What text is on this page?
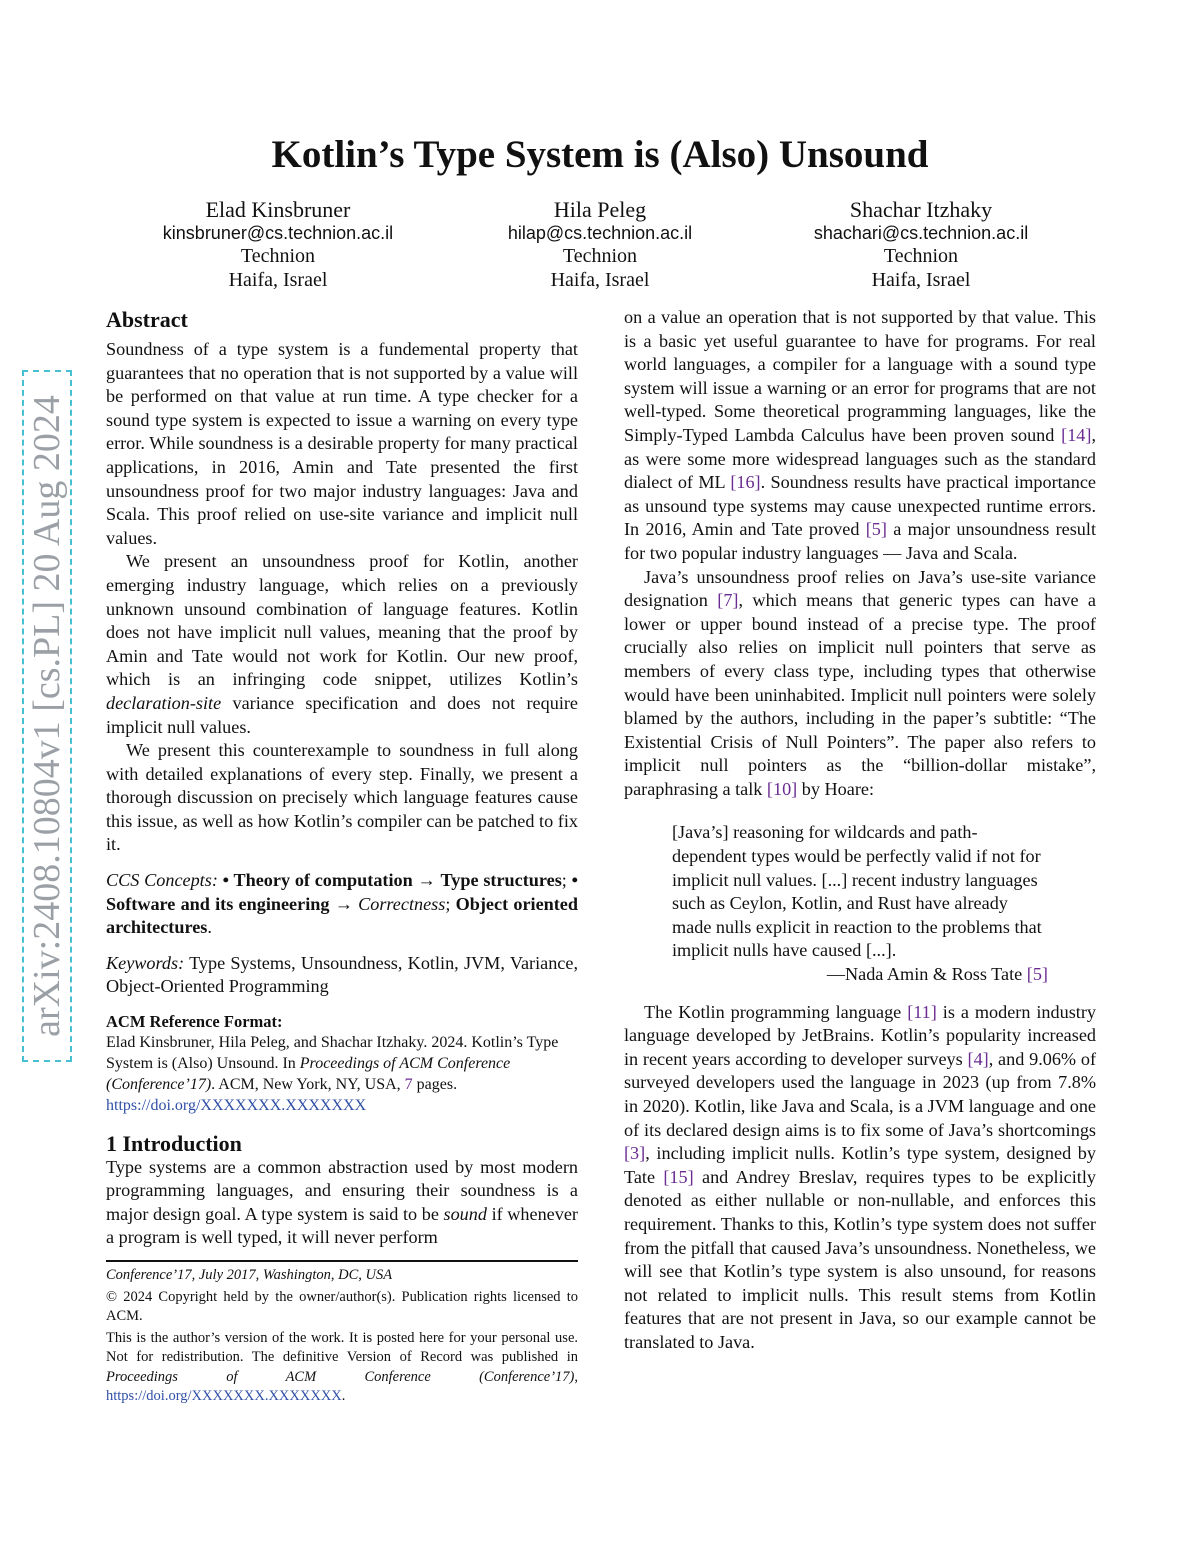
Kotlin’s Type System is (Also) Unsound
Elad Kinsbruner
kinsbruner@cs.technion.ac.il
Technion
Haifa, Israel
Hila Peleg
hilap@cs.technion.ac.il
Technion
Haifa, Israel
Shachar Itzhaky
shachari@cs.technion.ac.il
Technion
Haifa, Israel
arXiv:2408.10804v1 [cs.PL] 20 Aug 2024
Abstract

Soundness of a type system is a fundemental property that guarantees that no operation that is not supported by a value will be performed on that value at run time. A type checker for a sound type system is expected to issue a warning on every type error. While soundness is a desirable property for many practical applications, in 2016, Amin and Tate presented the first unsoundness proof for two major industry languages: Java and Scala. This proof relied on use-site variance and implicit null values.

We present an unsoundness proof for Kotlin, another emerging industry language, which relies on a previously unknown unsound combination of language features. Kotlin does not have implicit null values, meaning that the proof by Amin and Tate would not work for Kotlin. Our new proof, which is an infringing code snippet, utilizes Kotlin’s declaration-site variance specification and does not require implicit null values.

We present this counterexample to soundness in full along with detailed explanations of every step. Finally, we present a thorough discussion on precisely which language features cause this issue, as well as how Kotlin’s compiler can be patched to fix it.

CCS Concepts: • Theory of computation → Type structures; • Software and its engineering → Correctness; Object oriented architectures.

Keywords: Type Systems, Unsoundness, Kotlin, JVM, Variance, Object-Oriented Programming

ACM Reference Format:

Elad Kinsbruner, Hila Peleg, and Shachar Itzhaky. 2024. Kotlin’s Type System is (Also) Unsound. In Proceedings of ACM Conference (Conference’17). ACM, New York, NY, USA, 7 pages. https://doi.org/XXXXXXX.XXXXXXX

1 Introduction

Type systems are a common abstraction used by most modern programming languages, and ensuring their soundness is a major design goal. A type system is said to be sound if whenever a program is well typed, it will never perform

Conference’17, July 2017, Washington, DC, USA

© 2024 Copyright held by the owner/author(s). Publication rights licensed to ACM.

This is the author’s version of the work. It is posted here for your personal use. Not for redistribution. The definitive Version of Record was published in Proceedings of ACM Conference (Conference’17), https://doi.org/XXXXXXX.XXXXXXX.

on a value an operation that is not supported by that value. This is a basic yet useful guarantee to have for programs. For real world languages, a compiler for a language with a sound type system will issue a warning or an error for programs that are not well-typed. Some theoretical programming languages, like the Simply-Typed Lambda Calculus have been proven sound [14], as were some more widespread languages such as the standard dialect of ML [16]. Soundness results have practical importance as unsound type systems may cause unexpected runtime errors. In 2016, Amin and Tate proved [5] a major unsoundness result for two popular industry languages — Java and Scala.

Java’s unsoundness proof relies on Java’s use-site variance designation [7], which means that generic types can have a lower or upper bound instead of a precise type. The proof crucially also relies on implicit null pointers that serve as members of every class type, including types that otherwise would have been uninhabited. Implicit null pointers were solely blamed by the authors, including in the paper’s subtitle: “The Existential Crisis of Null Pointers”. The paper also refers to implicit null pointers as the “billion-dollar mistake”, paraphrasing a talk [10] by Hoare:

[Java’s] reasoning for wildcards and path-dependent types would be perfectly valid if not for implicit null values. [...] recent industry languages such as Ceylon, Kotlin, and Rust have already made nulls explicit in reaction to the problems that implicit nulls have caused [...].

—Nada Amin & Ross Tate [5]

The Kotlin programming language [11] is a modern industry language developed by JetBrains. Kotlin’s popularity increased in recent years according to developer surveys [4], and 9.06% of surveyed developers used the language in 2023 (up from 7.8% in 2020). Kotlin, like Java and Scala, is a JVM language and one of its declared design aims is to fix some of Java’s shortcomings [3], including implicit nulls. Kotlin’s type system, designed by Tate [15] and Andrey Breslav, requires types to be explicitly denoted as either nullable or non-nullable, and enforces this requirement. Thanks to this, Kotlin’s type system does not suffer from the pitfall that caused Java’s unsoundness. Nonetheless, we will see that Kotlin’s type system is also unsound, for reasons not related to implicit nulls. This result stems from Kotlin features that are not present in Java, so our example cannot be translated to Java.
